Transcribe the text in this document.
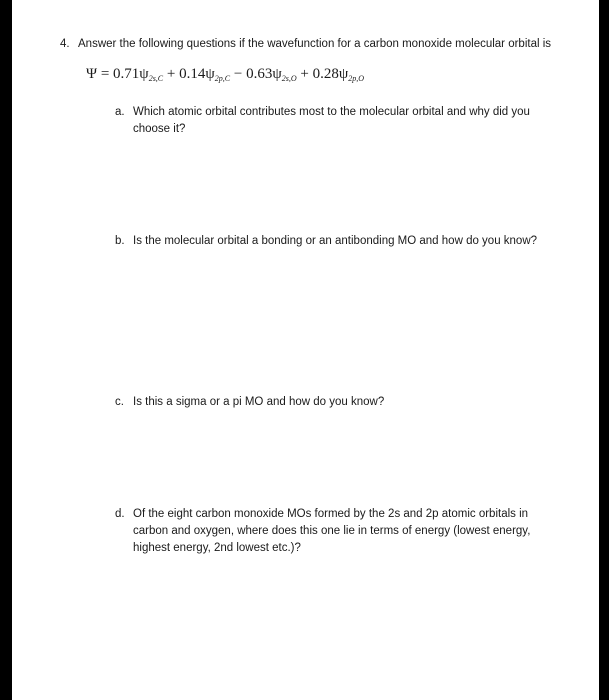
4. Answer the following questions if the wavefunction for a carbon monoxide molecular orbital is
$\Psi = 0.71\psi_{2s,C} + 0.14\psi_{2p,C} - 0.63\psi_{2s,O} + 0.28\psi_{2p,O}$
a. Which atomic orbital contributes most to the molecular orbital and why did you choose it?
b. Is the molecular orbital a bonding or an antibonding MO and how do you know?
c. Is this a sigma or a pi MO and how do you know?
d. Of the eight carbon monoxide MOs formed by the 2s and 2p atomic orbitals in carbon and oxygen, where does this one lie in terms of energy (lowest energy, highest energy, 2nd lowest etc.)?
